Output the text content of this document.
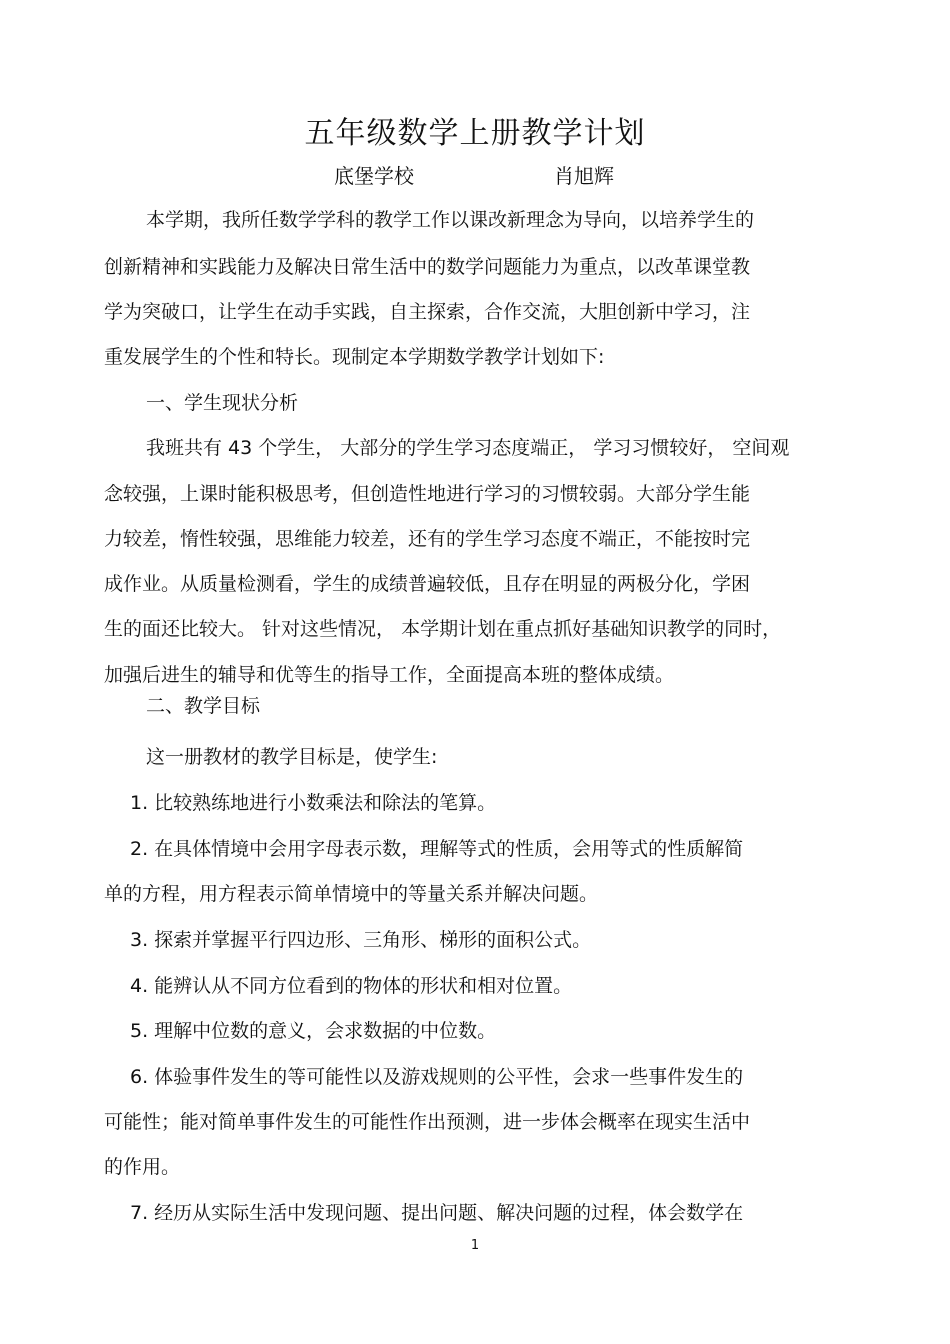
五年级数学上册教学计划
底堡学校	肖旭辉
本学期，我所任数学学科的教学工作以课改新理念为导向，以培养学生的
创新精神和实践能力及解决日常生活中的数学问题能力为重点，以改革课堂教
学为突破口，让学生在动手实践，自主探索，合作交流，大胆创新中学习，注
重发展学生的个性和特长。现制定本学期数学教学计划如下:
一、学生现状分析
我班共有 43 个学生， 大部分的学生学习态度端正， 学习习惯较好， 空间观
念较强，上课时能积极思考，但创造性地进行学习的习惯较弱。大部分学生能
力较差，惰性较强，思维能力较差，还有的学生学习态度不端正，不能按时完
成作业。从质量检测看，学生的成绩普遍较低，且存在明显的两极分化，学困
生的面还比较大。 针对这些情况， 本学期计划在重点抓好基础知识教学的同时，
加强后进生的辅导和优等生的指导工作，全面提高本班的整体成绩。
二、教学目标
这一册教材的教学目标是，使学生:
1. 比较熟练地进行小数乘法和除法的笔算。
2. 在具体情境中会用字母表示数，理解等式的性质，会用等式的性质解简
单的方程，用方程表示简单情境中的等量关系并解决问题。
3. 探索并掌握平行四边形、三角形、梯形的面积公式。
4. 能辨认从不同方位看到的物体的形状和相对位置。
5. 理解中位数的意义，会求数据的中位数。
6. 体验事件发生的等可能性以及游戏规则的公平性，会求一些事件发生的
可能性；能对简单事件发生的可能性作出预测，进一步体会概率在现实生活中
的作用。
7. 经历从实际生活中发现问题、提出问题、解决问题的过程，体会数学在
1
